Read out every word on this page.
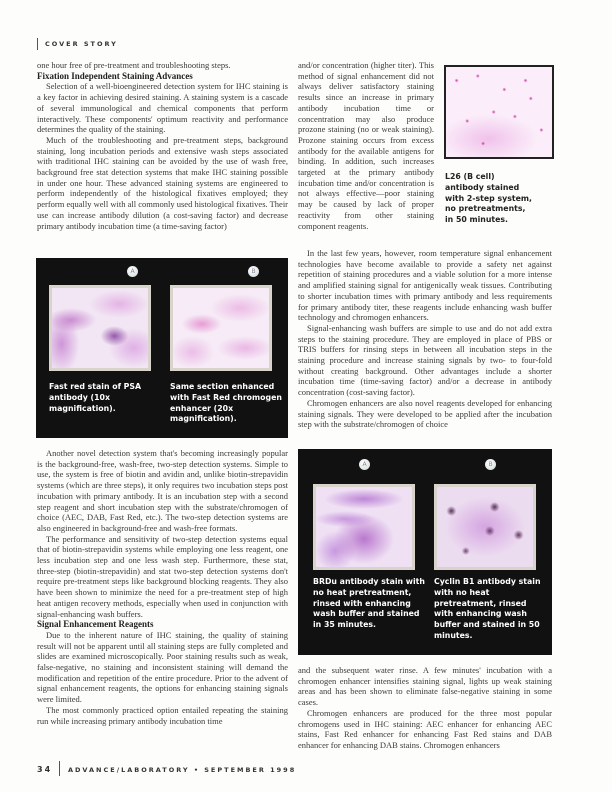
COVER STORY

one hour free of pre-treatment and troubleshooting steps.

Fixation Independent Staining Advances

Selection of a well-bioengineered detection system for IHC staining is a key factor in achieving desired staining. A staining system is a cascade of several immunological and chemical components that perform interactively. These components' optimum reactivity and performance determines the quality of the staining.

Much of the troubleshooting and pre-treatment steps, background staining, long incubation periods and extensive wash steps associated with traditional IHC staining can be avoided by the use of wash free, background free stat detection systems that make IHC staining possible in under one hour. These advanced staining systems are engineered to perform independently of the histological fixatives employed; they perform equally well with all commonly used histological fixatives. Their use can increase antibody dilution (a cost-saving factor) and decrease primary antibody incubation time (a time-saving factor)

A	B
Fast red stain of PSA antibody (10x magnification).
Same section enhanced with Fast Red chromogen enhancer (20x magnification).

Another novel detection system that's becoming increasingly popular is the background-free, wash-free, two-step detection systems. Simple to use, the system is free of biotin and avidin and, unlike biotin-strepavidin systems (which are three steps), it only requires two incubation steps post incubation with primary antibody. It is an incubation step with a second step reagent and short incubation step with the substrate/chromogen of choice (AEC, DAB, Fast Red, etc.). The two-step detection systems are also engineered in background-free and wash-free formats.

The performance and sensitivity of two-step detection systems equal that of biotin-strepavidin systems while employing one less reagent, one less incubation step and one less wash step. Furthermore, these stat, three-step (biotin-strepavidin) and stat two-step detection systems don't require pre-treatment steps like background blocking reagents. They also have been shown to minimize the need for a pre-treatment step of high heat antigen recovery methods, especially when used in conjunction with signal-enhancing wash buffers.

Signal Enhancement Reagents

Due to the inherent nature of IHC staining, the quality of staining result will not be apparent until all staining steps are fully completed and slides are examined microscopically. Poor staining results such as weak, false-negative, no staining and inconsistent staining will demand the modification and repetition of the entire procedure. Prior to the advent of signal enhancement reagents, the options for enhancing staining signals were limited.

The most commonly practiced option entailed repeating the staining run while increasing primary antibody incubation time

and/or concentration (higher titer). This method of signal enhancement did not always deliver satisfactory staining results since an increase in primary antibody incubation time or concentration may also produce prozone staining (no or weak staining). Prozone staining occurs from excess antibody for the available antigens for binding. In addition, such increases targeted at the primary antibody incubation time and/or concentration is not always effective—poor staining may be caused by lack of proper reactivity from other staining component reagents.

L26 (B cell) antibody stained with 2-step system, no pretreatments, in 50 minutes.

In the last few years, however, room temperature signal enhancement technologies have become available to provide a safety net against repetition of staining procedures and a viable solution for a more intense and amplified staining signal for antigenically weak tissues. Contributing to shorter incubation times with primary antibody and less requirements for primary antibody titer, these reagents include enhancing wash buffer technology and chromogen enhancers.

Signal-enhancing wash buffers are simple to use and do not add extra steps to the staining procedure. They are employed in place of PBS or TRIS buffers for rinsing steps in between all incubation steps in the staining procedure and increase staining signals by two- to four-fold without creating background. Other advantages include a shorter incubation time (time-saving factor) and/or a decrease in antibody concentration (cost-saving factor).

Chromogen enhancers are also novel reagents developed for enhancing staining signals. They were developed to be applied after the incubation step with the substrate/chromogen of choice

A	B
BRDu antibody stain with no heat pretreatment, rinsed with enhancing wash buffer and stained in 35 minutes.
Cyclin B1 antibody stain with no heat pretreatment, rinsed with enhancing wash buffer and stained in 50 minutes.

and the subsequent water rinse. A few minutes' incubation with a chromogen enhancer intensifies staining signal, lights up weak staining areas and has been shown to eliminate false-negative staining in some cases.

Chromogen enhancers are produced for the three most popular chromogens used in IHC staining: AEC enhancer for enhancing AEC stains, Fast Red enhancer for enhancing Fast Red stains and DAB enhancer for enhancing DAB stains. Chromogen enhancers

34 ADVANCE/LABORATORY • SEPTEMBER 1998
